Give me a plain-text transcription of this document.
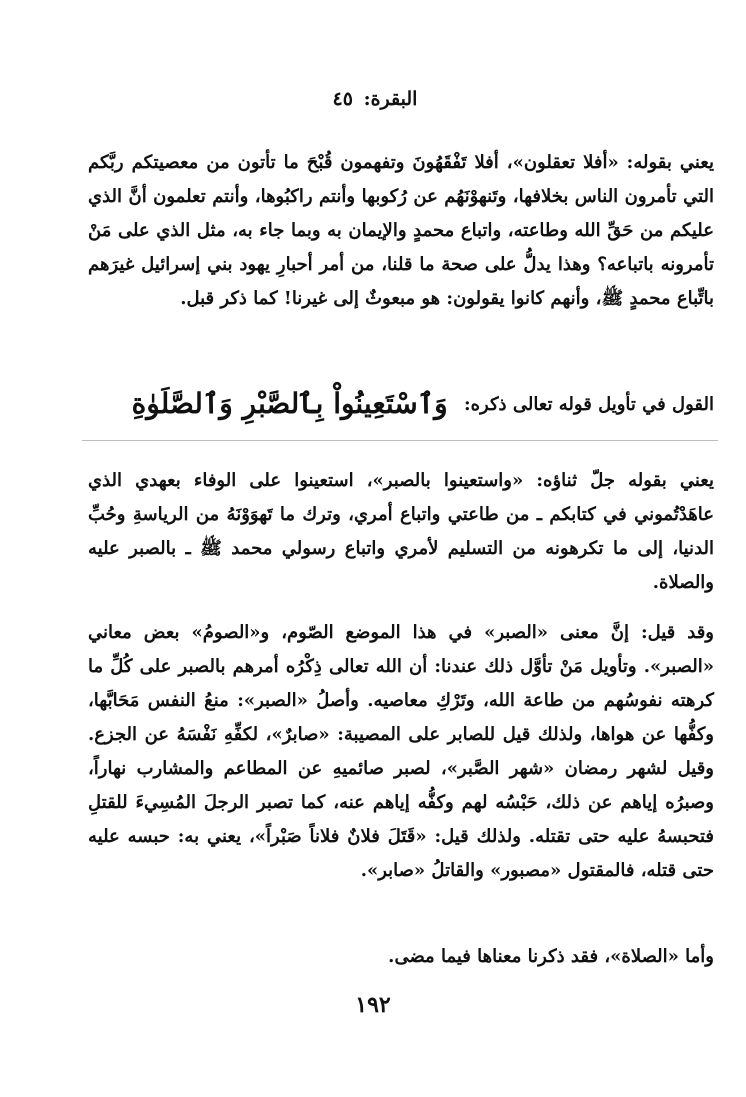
البقرة: ٤٥

يعني بقوله: «أفلا تعقلون»، أفلا تَفْقَهُونَ وتفهمون قُبْحَ ما تأتون من معصيتكم ربَّكم التي تأمرون الناس بخلافها، وتَنهوْنَهُم عن رُكوبها وأنتم راكبُوها، وأنتم تعلمون أنَّ الذي عليكم من حَقِّ الله وطاعته، واتباع محمدٍ والإيمان به وبما جاء به، مثل الذي على مَنْ تأمرونه باتباعه؟ وهذا يدلُّ على صحة ما قلنا، من أمر أحبارِ يهود بني إسرائيل غيرَهم باتِّباع محمدٍ ﷺ، وأنهم كانوا يقولون: هو مبعوثٌ إلى غيرنا! كما ذكر قبل.

القول في تأويل قوله تعالى ذكره: وَٱسْتَعِينُواْ بِٱلصَّبْرِ وَٱلصَّلَوٰةِ

يعني بقوله جلّ ثناؤه: «واستعينوا بالصبر»، استعينوا على الوفاء بعهدي الذي عاهَدْتُموني في كتابكم ـ من طاعتي واتباع أمري، وترك ما تَهوَوْنَهُ من الرياسةِ وحُبِّ الدنيا، إلى ما تكرهونه من التسليم لأمري واتباع رسولي محمد ﷺ ـ بالصبر عليه والصلاة.

وقد قيل: إنَّ معنى «الصبر» في هذا الموضع الصّوم، و«الصومُ» بعض معاني «الصبر». وتأويل مَنْ تأوَّل ذلك عندنا: أن الله تعالى ذِكْرُه أمرهم بالصبر على كُلِّ ما كرهته نفوسُهم من طاعة الله، وتَرْكِ معاصيه. وأصلُ «الصبر»: منعُ النفس مَحَابَّها، وكفُّها عن هواها، ولذلك قيل للصابر على المصيبة: «صابرٌ»، لكفِّهِ نَفْسَهُ عن الجزع. وقيل لشهر رمضان «شهر الصَّبر»، لصبر صائميهِ عن المطاعم والمشارب نهاراً، وصبرُه إياهم عن ذلك، حَبْسُه لهم وكفُّه إياهم عنه، كما تصبر الرجلَ المُسِيءَ للقتلِ فتحبسهُ عليه حتى تقتله. ولذلك قيل: «قَتَلَ فلانٌ فلاناً صَبْراً»، يعني به: حبسه عليه حتى قتله، فالمقتول «مصبور» والقاتلُ «صابر».

وأما «الصلاة»، فقد ذكرنا معناها فيما مضى.

١٩٢
